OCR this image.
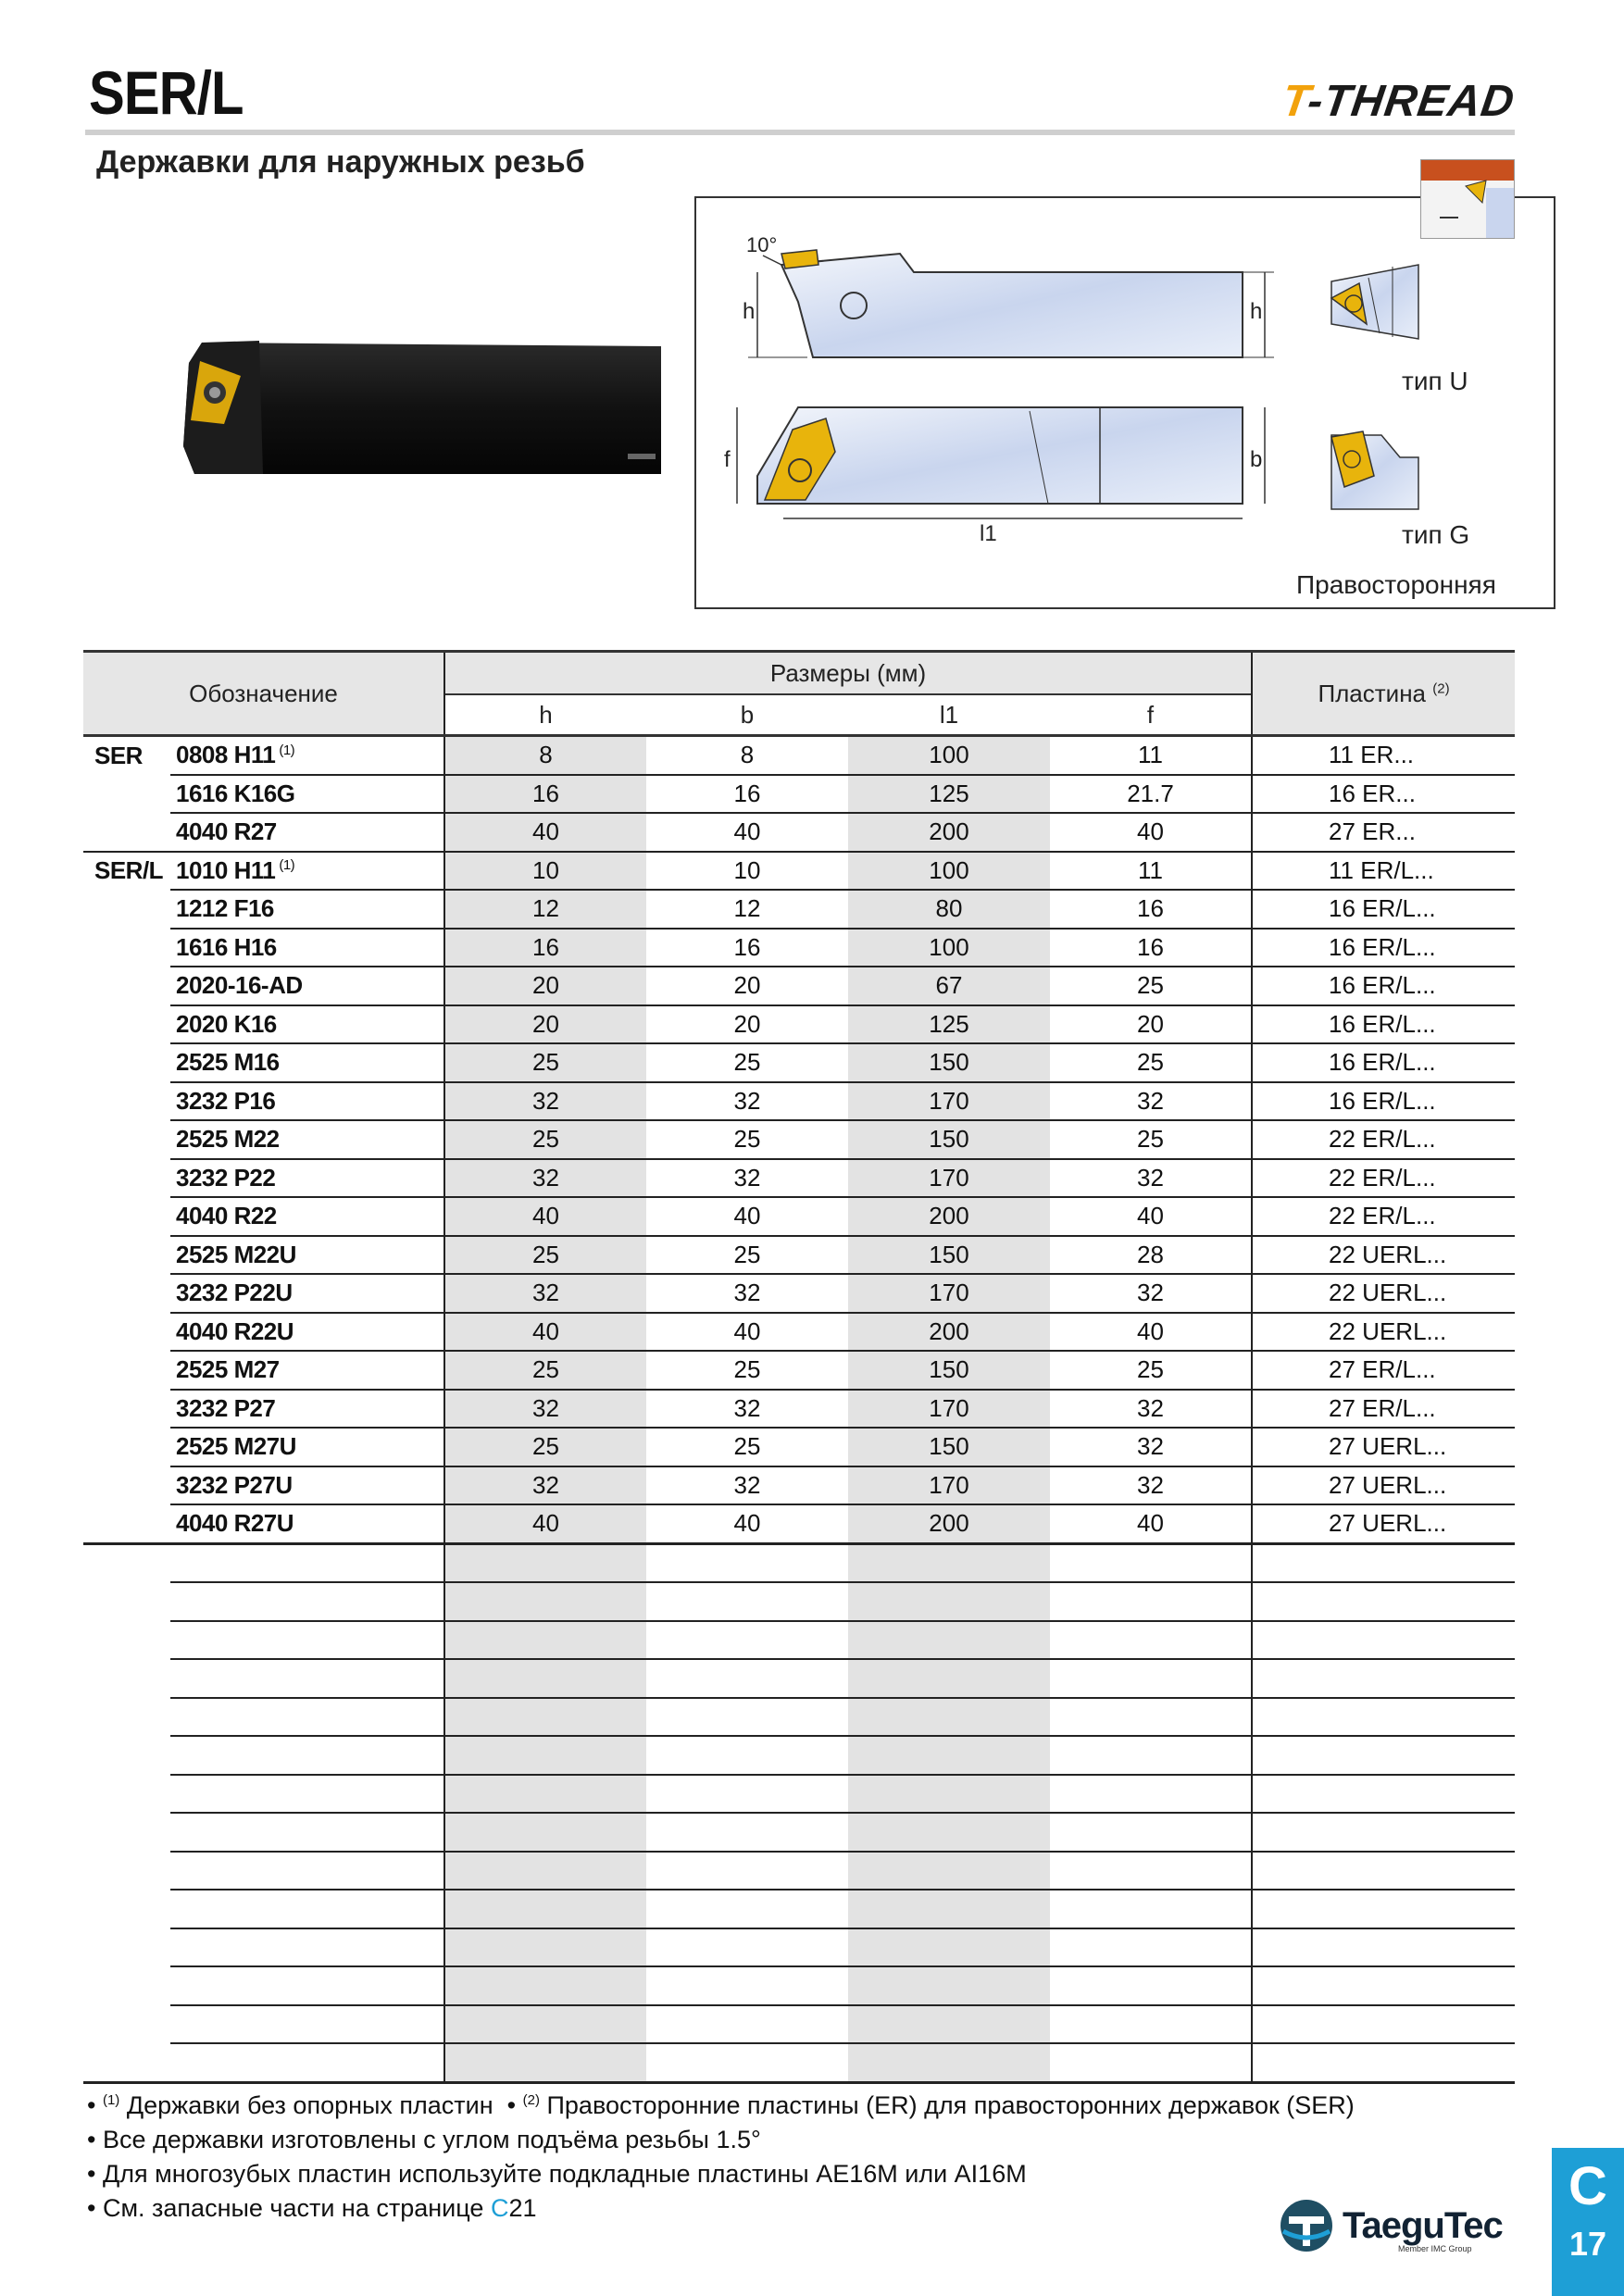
SER/L	T-THREAD
Державки для наружных резьб
h	h
10°
f	b
l1
тип U
тип G
Правосторонняя
Обозначение		Размеры (мм)				Пластина $^{(2)}$
		h	b	l1	f	
SER	0808 H11 $^{(1)}$	8	8	100	11	11 ER...
	1616 K16G	16	16	125	21.7	16 ER...
	4040 R27	40	40	200	40	27 ER...
SER/L	1010 H11 $^{(1)}$	10	10	100	11	11 ER/L...
	1212 F16	12	12	80	16	16 ER/L...
	1616 H16	16	16	100	16	16 ER/L...
	2020-16-AD	20	20	67	25	16 ER/L...
	2020 K16	20	20	125	20	16 ER/L...
	2525 M16	25	25	150	25	16 ER/L...
	3232 P16	32	32	170	32	16 ER/L...
	2525 M22	25	25	150	25	22 ER/L...
	3232 P22	32	32	170	32	22 ER/L...
	4040 R22	40	40	200	40	22 ER/L...
	2525 M22U	25	25	150	28	22 UERL...
	3232 P22U	32	32	170	32	22 UERL...
	4040 R22U	40	40	200	40	22 UERL...
	2525 M27	25	25	150	25	27 ER/L...
	3232 P27	32	32	170	32	27 ER/L...
	2525 M27U	25	25	150	32	27 UERL...
	3232 P27U	32	32	170	32	27 UERL...
	4040 R27U	40	40	200	40	27 UERL...

• $^{(1)}$ Державки без опорных пластин  • $^{(2)}$ Правосторонние пластины (ER) для правосторонних державок (SER)
• Все державки изготовлены с углом подъёма резьбы 1.5°
• Для многозубых пластин используйте подкладные пластины AE16M или AI16M
• См. запасные части на странице C21	TaeguTec
Member IMC Group
C
17
